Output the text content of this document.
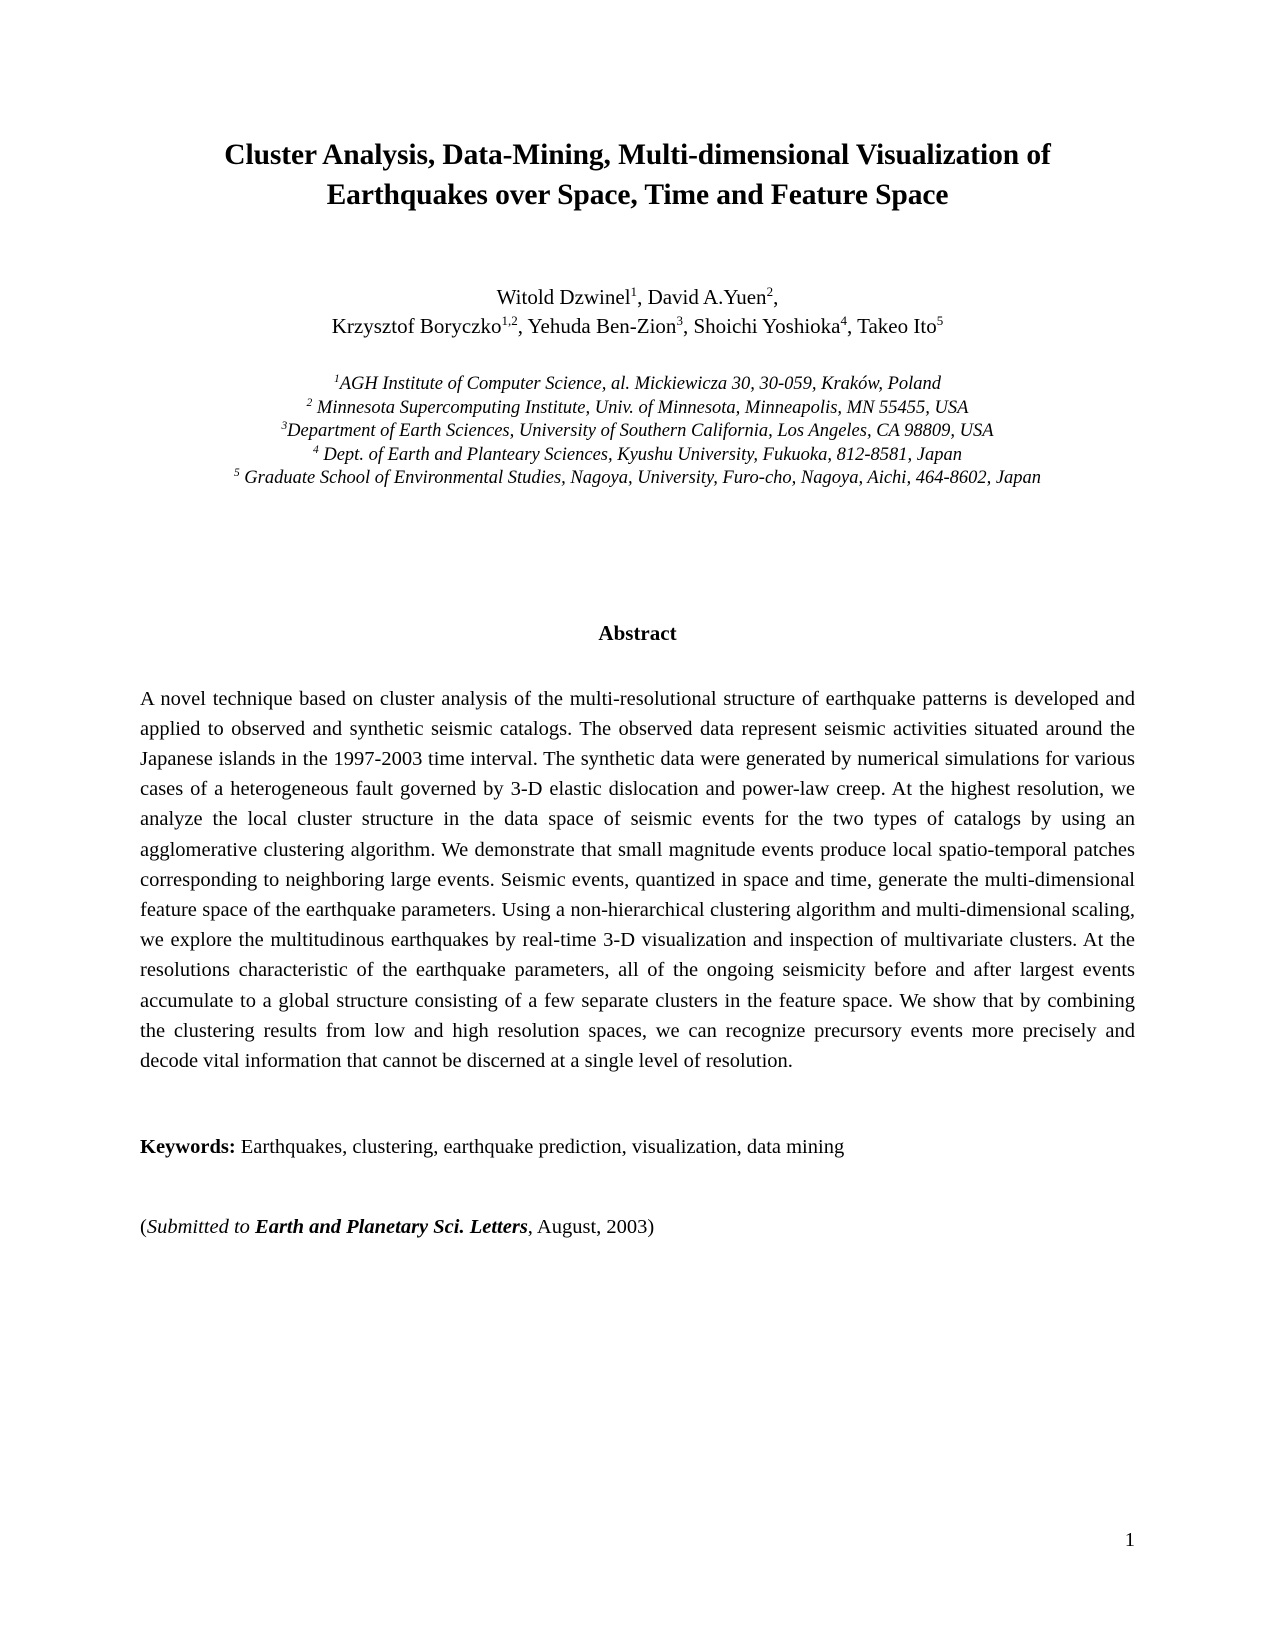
Cluster Analysis, Data-Mining, Multi-dimensional Visualization of
Earthquakes over Space, Time and Feature Space
Witold Dzwinel$^1$, David A.Yuen$^2$,
Krzysztof Boryczko$^{1,2}$, Yehuda Ben-Zion$^3$, Shoichi Yoshioka$^4$, Takeo Ito$^5$
$^1$AGH Institute of Computer Science, al. Mickiewicza 30, 30-059, Kraków, Poland
$^2$ Minnesota Supercomputing Institute, Univ. of Minnesota, Minneapolis, MN 55455, USA
$^3$Department of Earth Sciences, University of Southern California, Los Angeles, CA 98809, USA
$^4$ Dept. of Earth and Planteary Sciences, Kyushu University, Fukuoka, 812-8581, Japan
$^5$ Graduate School of Environmental Studies, Nagoya, University, Furo-cho, Nagoya, Aichi, 464-8602, Japan
Abstract
A novel technique based on cluster analysis of the multi-resolutional structure of earthquake patterns is developed and applied to observed and synthetic seismic catalogs. The observed data represent seismic activities situated around the Japanese islands in the 1997-2003 time interval. The synthetic data were generated by numerical simulations for various cases of a heterogeneous fault governed by 3-D elastic dislocation and power-law creep. At the highest resolution, we analyze the local cluster structure in the data space of seismic events for the two types of catalogs by using an agglomerative clustering algorithm. We demonstrate that small magnitude events produce local spatio-temporal patches corresponding to neighboring large events. Seismic events, quantized in space and time, generate the multi-dimensional feature space of the earthquake parameters. Using a non-hierarchical clustering algorithm and multi-dimensional scaling, we explore the multitudinous earthquakes by real-time 3-D visualization and inspection of multivariate clusters. At the resolutions characteristic of the earthquake parameters, all of the ongoing seismicity before and after largest events accumulate to a global structure consisting of a few separate clusters in the feature space. We show that by combining the clustering results from low and high resolution spaces, we can recognize precursory events more precisely and decode vital information that cannot be discerned at a single level of resolution.
Keywords: Earthquakes, clustering, earthquake prediction, visualization, data mining
(Submitted to Earth and Planetary Sci. Letters, August, 2003)
1
